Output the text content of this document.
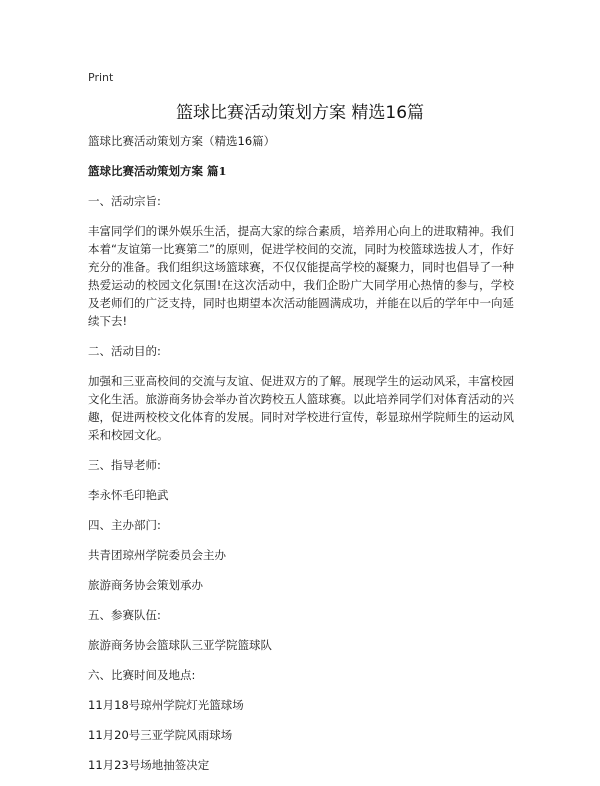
Print
篮球比赛活动策划方案 精选16篇

篮球比赛活动策划方案（精选16篇）

篮球比赛活动策划方案 篇1

一、活动宗旨:

丰富同学们的课外娱乐生活，提高大家的综合素质，培养用心向上的进取精神。我们本着“友谊第一比赛第二”的原则，促进学校间的交流，同时为校篮球选拔人才，作好充分的准备。我们组织这场篮球赛，不仅仅能提高学校的凝聚力，同时也倡导了一种热爱运动的校园文化氛围!在这次活动中，我们企盼广大同学用心热情的参与，学校及老师们的广泛支持，同时也期望本次活动能圆满成功，并能在以后的学年中一向延续下去!

二、活动目的:

加强和三亚高校间的交流与友谊、促进双方的了解。展现学生的运动风采，丰富校园文化生活。旅游商务协会举办首次跨校五人篮球赛。以此培养同学们对体育活动的兴趣，促进两校校文化体育的发展。同时对学校进行宣传，彰显琼州学院师生的运动风采和校园文化。

三、指导老师:

李永怀毛印艳武

四、主办部门:

共青团琼州学院委员会主办

旅游商务协会策划承办

五、参赛队伍:

旅游商务协会篮球队三亚学院篮球队

六、比赛时间及地点:

11月18号琼州学院灯光篮球场

11月20号三亚学院风雨球场

11月23号场地抽签决定
